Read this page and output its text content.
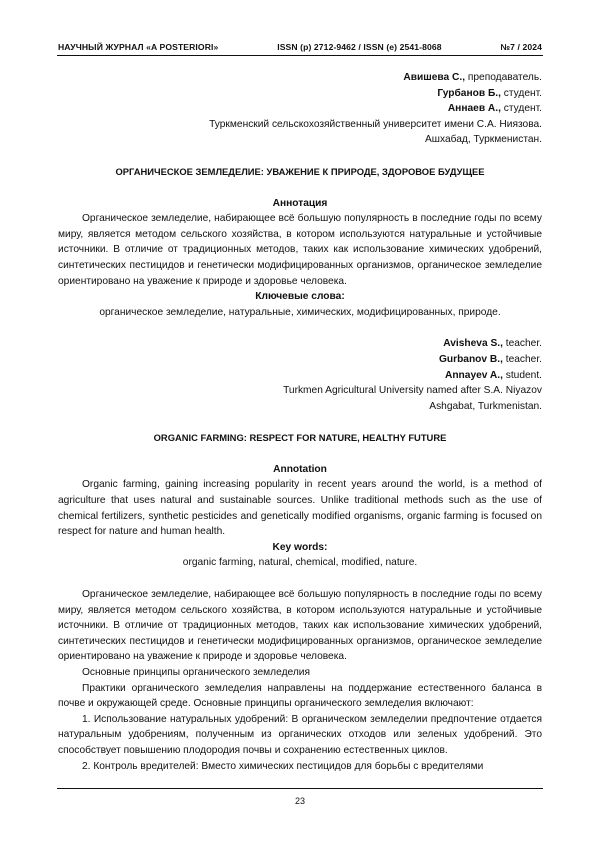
НАУЧНЫЙ ЖУРНАЛ «A POSTERIORI»	ISSN (p) 2712-9462 / ISSN (e) 2541-8068	№7 / 2024

Авишева С., преподаватель.

Гурбанов Б., студент.

Аннаев А., студент.

Туркменский сельскохозяйственный университет имени С.А. Ниязова.

Ашхабад, Туркменистан.

ОРГАНИЧЕСКОЕ ЗЕМЛЕДЕЛИЕ: УВАЖЕНИЕ К ПРИРОДЕ, ЗДОРОВОЕ БУДУЩЕЕ

Аннотация

Органическое земледелие, набирающее всё большую популярность в последние годы по всему миру, является методом сельского хозяйства, в котором используются натуральные и устойчивые источники. В отличие от традиционных методов, таких как использование химических удобрений, синтетических пестицидов и генетически модифицированных организмов, органическое земледелие ориентировано на уважение к природе и здоровье человека.

Ключевые слова:

органическое земледелие, натуральные, химических, модифицированных, природе.

Avisheva S., teacher.

Gurbanov B., teacher.

Annayev A., student.

Turkmen Agricultural University named after S.A. Niyazov

Ashgabat, Turkmenistan.

ORGANIC FARMING: RESPECT FOR NATURE, HEALTHY FUTURE

Annotation

Organic farming, gaining increasing popularity in recent years around the world, is a method of agriculture that uses natural and sustainable sources. Unlike traditional methods such as the use of chemical fertilizers, synthetic pesticides and genetically modified organisms, organic farming is focused on respect for nature and human health.

Key words:

organic farming, natural, chemical, modified, nature.

Органическое земледелие, набирающее всё большую популярность в последние годы по всему миру, является методом сельского хозяйства, в котором используются натуральные и устойчивые источники. В отличие от традиционных методов, таких как использование химических удобрений, синтетических пестицидов и генетически модифицированных организмов, органическое земледелие ориентировано на уважение к природе и здоровье человека.

Основные принципы органического земледелия

Практики органического земледелия направлены на поддержание естественного баланса в почве и окружающей среде. Основные принципы органического земледелия включают:

1. Использование натуральных удобрений: В органическом земледелии предпочтение отдается натуральным удобрениям, полученным из органических отходов или зеленых удобрений. Это способствует повышению плодородия почвы и сохранению естественных циклов.

2. Контроль вредителей: Вместо химических пестицидов для борьбы с вредителями

23
